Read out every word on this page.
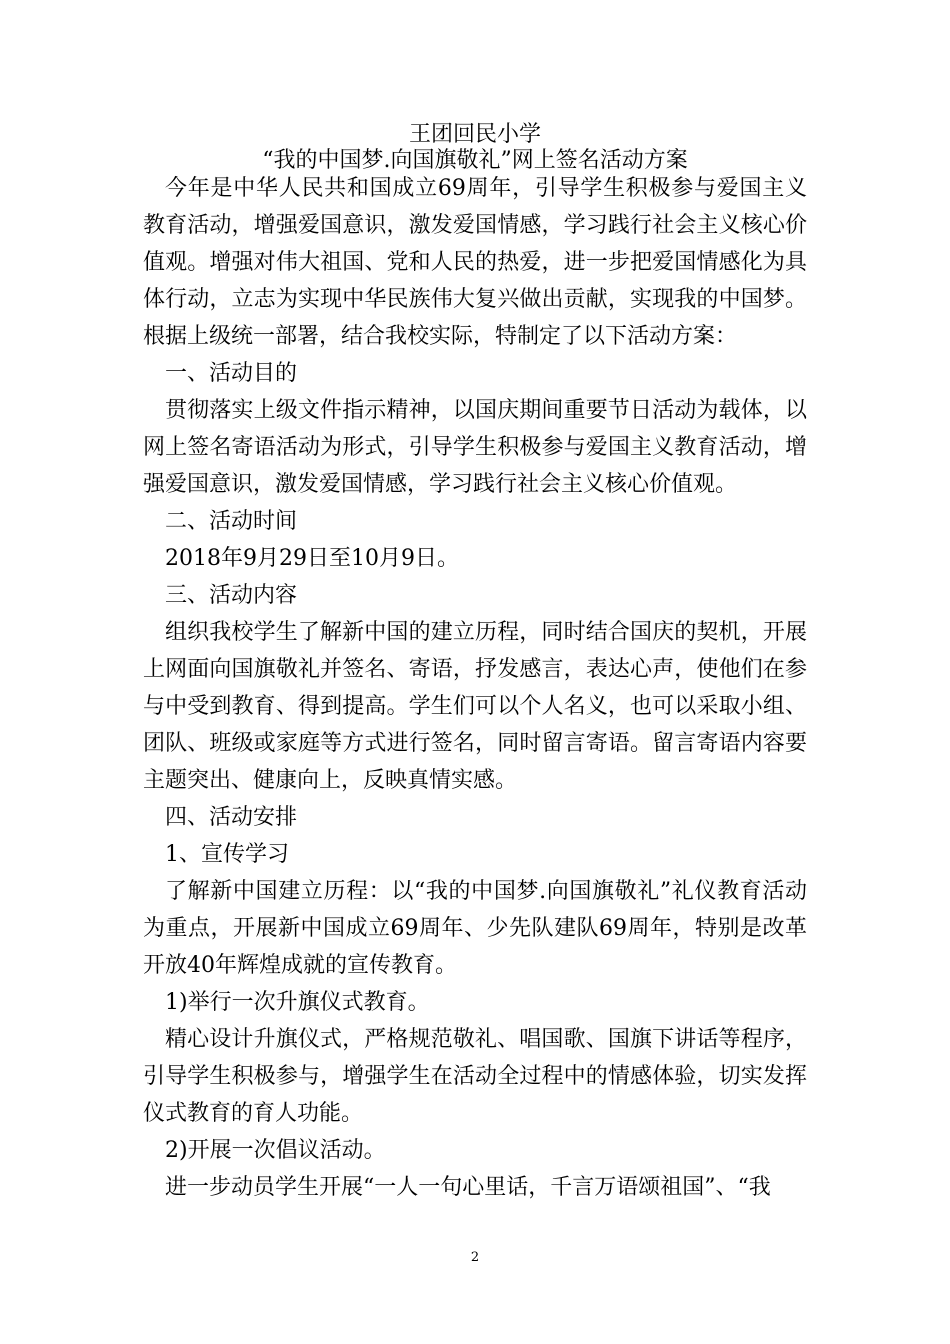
王团回民小学
“我的中国梦.向国旗敬礼”网上签名活动方案

今年是中华人民共和国成立69周年，引导学生积极参与爱国主义教育活动，增强爱国意识，激发爱国情感，学习践行社会主义核心价值观。增强对伟大祖国、党和人民的热爱，进一步把爱国情感化为具体行动，立志为实现中华民族伟大复兴做出贡献，实现我的中国梦。根据上级统一部署，结合我校实际，特制定了以下活动方案：

一、活动目的

贯彻落实上级文件指示精神，以国庆期间重要节日活动为载体，以网上签名寄语活动为形式，引导学生积极参与爱国主义教育活动，增强爱国意识，激发爱国情感，学习践行社会主义核心价值观。

二、活动时间

2018年9月29日至10月9日。

三、活动内容

组织我校学生了解新中国的建立历程，同时结合国庆的契机，开展上网面向国旗敬礼并签名、寄语，抒发感言，表达心声，使他们在参与中受到教育、得到提高。学生们可以个人名义，也可以采取小组、团队、班级或家庭等方式进行签名，同时留言寄语。留言寄语内容要主题突出、健康向上，反映真情实感。

四、活动安排

1、宣传学习

了解新中国建立历程：以“我的中国梦.向国旗敬礼”礼仪教育活动为重点，开展新中国成立69周年、少先队建队69周年，特别是改革开放40年辉煌成就的宣传教育。

1)举行一次升旗仪式教育。

精心设计升旗仪式，严格规范敬礼、唱国歌、国旗下讲话等程序，引导学生积极参与，增强学生在活动全过程中的情感体验，切实发挥仪式教育的育人功能。

2)开展一次倡议活动。

进一步动员学生开展“一人一句心里话，千言万语颂祖国”、“我

2
